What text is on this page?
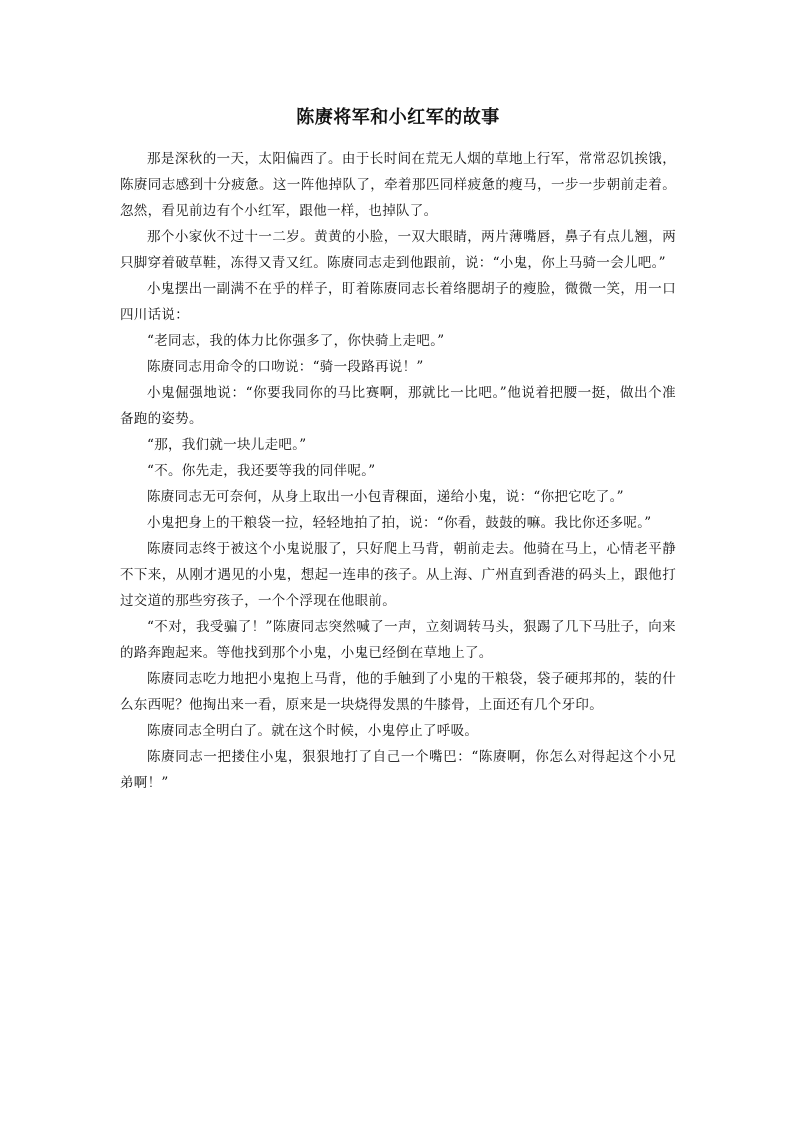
陈赓将军和小红军的故事

那是深秋的一天，太阳偏西了。由于长时间在荒无人烟的草地上行军，常常忍饥挨饿，陈赓同志感到十分疲惫。这一阵他掉队了，牵着那匹同样疲惫的瘦马，一步一步朝前走着。忽然，看见前边有个小红军，跟他一样，也掉队了。

那个小家伙不过十一二岁。黄黄的小脸，一双大眼睛，两片薄嘴唇，鼻子有点儿翘，两只脚穿着破草鞋，冻得又青又红。陈赓同志走到他跟前，说：“小鬼，你上马骑一会儿吧。”

小鬼摆出一副满不在乎的样子，盯着陈赓同志长着络腮胡子的瘦脸，微微一笑，用一口四川话说：

“老同志，我的体力比你强多了，你快骑上走吧。”

陈赓同志用命令的口吻说：“骑一段路再说！”

小鬼倔强地说：“你要我同你的马比赛啊，那就比一比吧。”他说着把腰一挺，做出个准备跑的姿势。

“那，我们就一块儿走吧。”

“不。你先走，我还要等我的同伴呢。”

陈赓同志无可奈何，从身上取出一小包青稞面，递给小鬼，说：“你把它吃了。”

小鬼把身上的干粮袋一拉，轻轻地拍了拍，说：“你看，鼓鼓的嘛。我比你还多呢。”

陈赓同志终于被这个小鬼说服了，只好爬上马背，朝前走去。他骑在马上，心情老平静不下来，从刚才遇见的小鬼，想起一连串的孩子。从上海、广州直到香港的码头上，跟他打过交道的那些穷孩子，一个个浮现在他眼前。

“不对，我受骗了！”陈赓同志突然喊了一声，立刻调转马头，狠踢了几下马肚子，向来的路奔跑起来。等他找到那个小鬼，小鬼已经倒在草地上了。

陈赓同志吃力地把小鬼抱上马背，他的手触到了小鬼的干粮袋，袋子硬邦邦的，装的什么东西呢？他掏出来一看，原来是一块烧得发黑的牛膝骨，上面还有几个牙印。

陈赓同志全明白了。就在这个时候，小鬼停止了呼吸。

陈赓同志一把搂住小鬼，狠狠地打了自己一个嘴巴：“陈赓啊，你怎么对得起这个小兄弟啊！”
